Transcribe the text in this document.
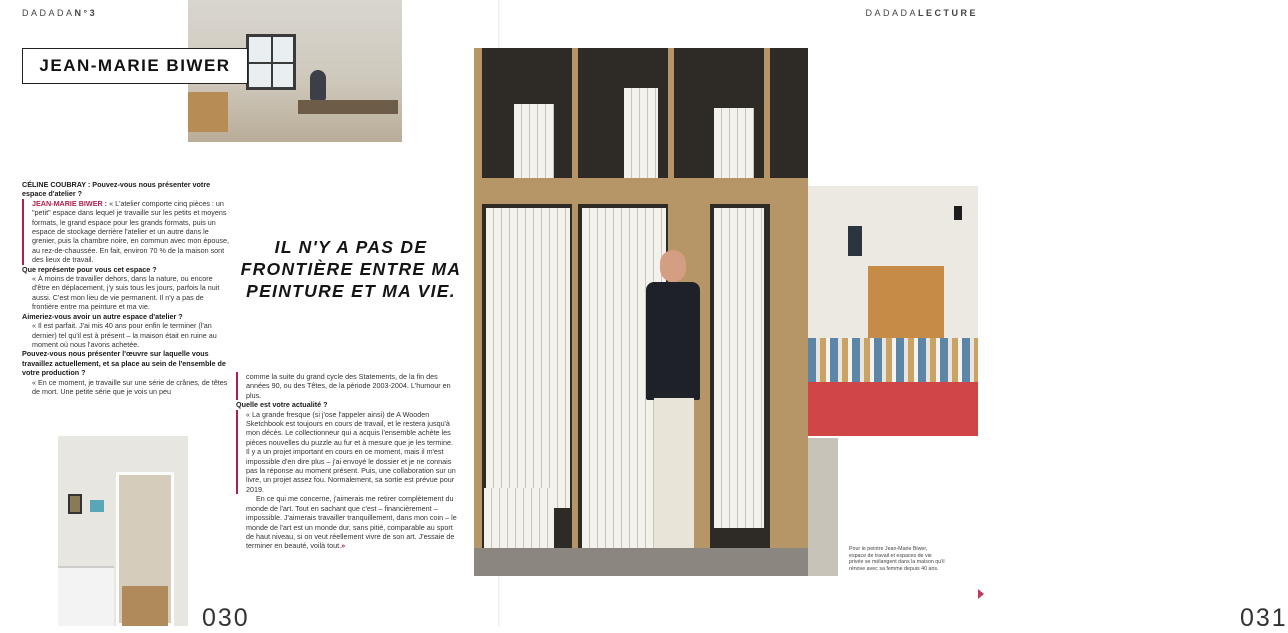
DADADAN°3
JEAN-MARIE BIWER

CÉLINE COUBRAY : Pouvez-vous nous présenter votre espace d'atelier ?

JEAN-MARIE BIWER : « L'atelier comporte cinq pièces : un "petit" espace dans lequel je travaille sur les petits et moyens formats, le grand espace pour les grands formats, puis un espace de stockage derrière l'atelier et un autre dans le grenier, puis la chambre noire, en commun avec mon épouse, au rez-de-chaussée. En fait, environ 70 % de la maison sont des lieux de travail.

Que représente pour vous cet espace ?

« À moins de travailler dehors, dans la nature, ou encore d'être en déplacement, j'y suis tous les jours, parfois la nuit aussi. C'est mon lieu de vie permanent. Il n'y a pas de frontière entre ma peinture et ma vie.

Aimeriez-vous avoir un autre espace d'atelier ?

« Il est parfait. J'ai mis 40 ans pour enfin le terminer (l'an dernier) tel qu'il est à présent – la maison était en ruine au moment où nous l'avons achetée.

Pouvez-vous nous présenter l'œuvre sur laquelle vous travaillez actuellement, et sa place au sein de l'ensemble de votre production ?

« En ce moment, je travaille sur une série de crânes, de têtes de mort. Une petite série que je vois un peu

IL N'Y A PAS DE FRONTIÈRE ENTRE MA PEINTURE ET MA VIE.

comme la suite du grand cycle des Statements, de la fin des années 90, ou des Têtes, de la période 2003-2004. L'humour en plus.

Quelle est votre actualité ?

« La grande fresque (si j'ose l'appeler ainsi) de A Wooden Sketchbook est toujours en cours de travail, et le restera jusqu'à mon décès. Le collectionneur qui a acquis l'ensemble achète les pièces nouvelles du puzzle au fur et à mesure que je les termine. Il y a un projet important en cours en ce moment, mais il m'est impossible d'en dire plus – j'ai envoyé le dossier et je ne connais pas la réponse au moment présent. Puis, une collaboration sur un livre, un projet assez fou. Normalement, sa sortie est prévue pour 2019.

En ce qui me concerne, j'aimerais me retirer complètement du monde de l'art. Tout en sachant que c'est – financièrement – impossible. J'aimerais travailler tranquillement, dans mon coin – le monde de l'art est un monde dur, sans pitié, comparable au sport de haut niveau, si on veut réellement vivre de son art. J'essaie de terminer en beauté, voilà tout.»

030
DADADALECTURE
031
Pour le peintre Jean-Marie Biwer, espace de travail et espaces de vie privée se mélangent dans la maison qu'il rénove avec sa femme depuis 40 ans.
